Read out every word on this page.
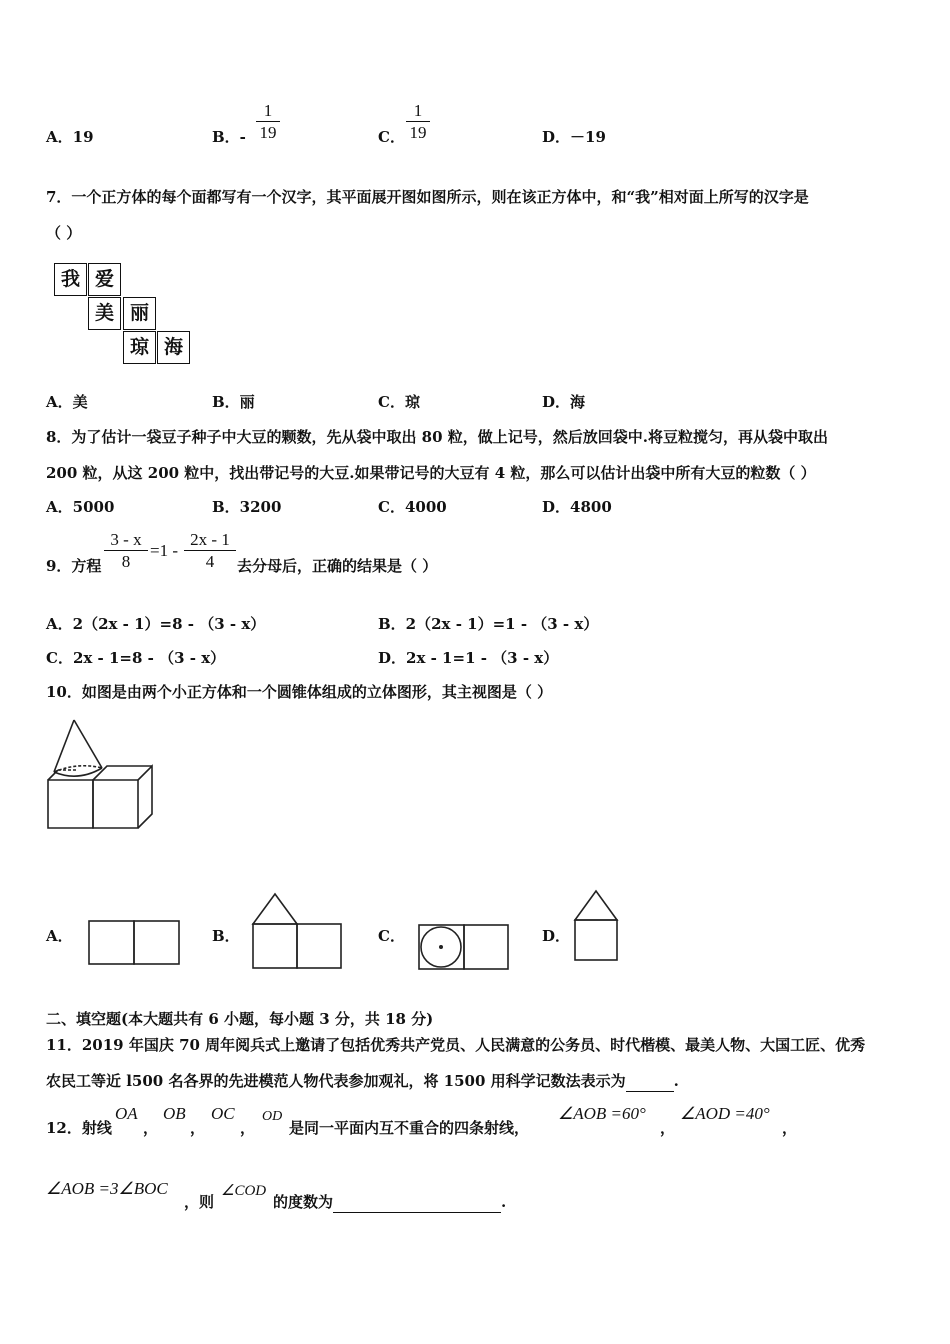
A．19	B．- $\frac{1}{19}$	C． $\frac{1}{19}$	D．－19
7．一个正方体的每个面都写有一个汉字，其平面展开图如图所示，则在该正方体中，和“我”相对面上所写的汉字是
（ ）
我 爱
美 丽
琼 海
A．美	B．丽	C．琼	D．海
8．为了估计一袋豆子种子中大豆的颗数，先从袋中取出 80 粒，做上记号，然后放回袋中.将豆粒搅匀，再从袋中取出
200 粒，从这 200 粒中，找出带记号的大豆.如果带记号的大豆有 4 粒，那么可以估计出袋中所有大豆的粒数（ ）
A．5000	B．3200	C．4000	D．4800
9．方程 $\frac{3 - x}{8} =1 - \frac{2x - 1}{4}$ 去分母后，正确的结果是（ ）
A．2（2x - 1）=8 - （3 - x）	B．2（2x - 1）=1 - （3 - x）
C．2x - 1=8 - （3 - x）	D．2x - 1=1 - （3 - x）
10．如图是由两个小正方体和一个圆锥体组成的立体图形，其主视图是（ ）
A．	B．	C．	D．
二、填空题(本大题共有 6 小题，每小题 3 分，共 18 分)
11．2019 年国庆 70 周年阅兵式上邀请了包括优秀共产党员、人民满意的公务员、时代楷模、最美人物、大国工匠、优秀
农民工等近 l500 名各界的先进模范人物代表参加观礼，将 1500 用科学记数法表示为	.
12．射线
OA
，
OB
，
OC
，
OD
是同一平面内互不重合的四条射线，
∠AOB =60°
，
∠AOD =40°
，
∠AOB =3∠BOC
，则
∠COD
的度数为	.
